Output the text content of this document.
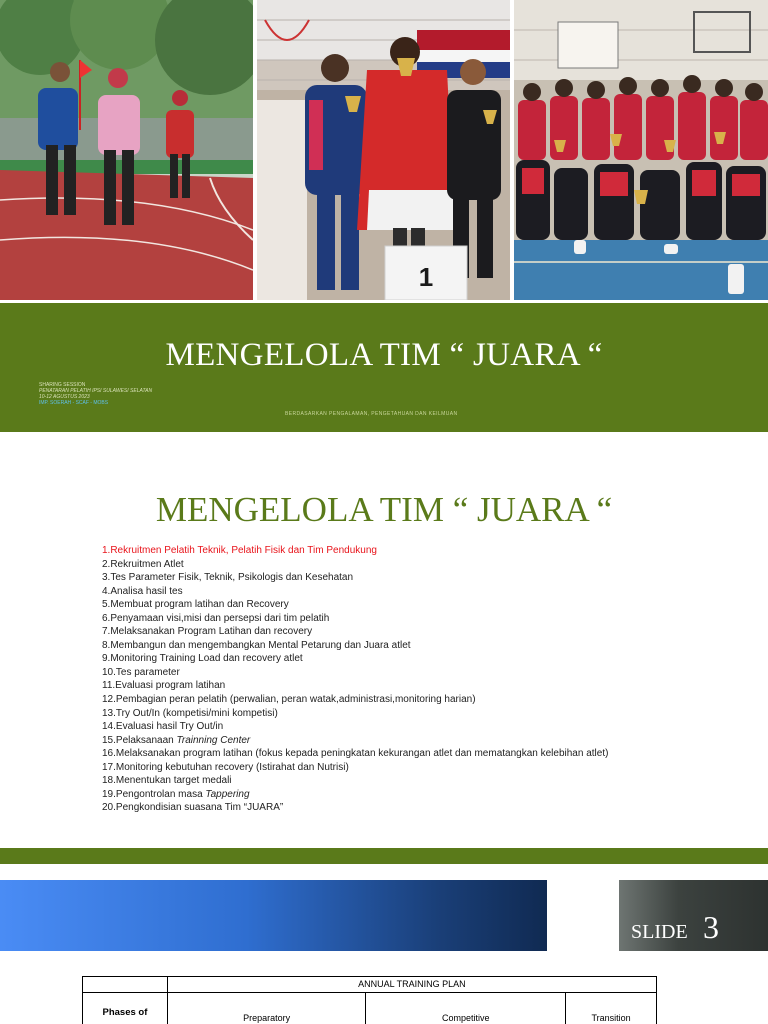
1
MENGELOLA TIM “ JUARA “
SHARING SESSION
PENATARAN PELATIH IPSI SULAWESI SELATAN
10-12 AGUSTUS 2023
IMP. SOERAH - SCAF - MOBS
BERDASARKAN PENGALAMAN, PENGETAHUAN DAN KEILMUAN
MENGELOLA TIM “ JUARA “
1.Rekruitmen Pelatih Teknik, Pelatih Fisik dan Tim Pendukung
2.Rekruitmen Atlet
3.Tes Parameter Fisik, Teknik, Psikologis dan Kesehatan
4.Analisa hasil tes
5.Membuat program latihan dan Recovery
6.Penyamaan visi,misi dan persepsi dari tim pelatih
7.Melaksanakan Program Latihan dan recovery
8.Membangun dan mengembangkan Mental Petarung dan Juara atlet
9.Monitoring Training Load dan recovery atlet
10.Tes parameter
11.Evaluasi program latihan
12.Pembagian peran pelatih (perwalian, peran watak,administrasi,monitoring harian)
13.Try Out/In (kompetisi/mini kompetisi)
14.Evaluasi hasil Try Out/in
15.Pelaksanaan Trainning Center
16.Melaksanakan program latihan (fokus kepada peningkatan kekurangan atlet dan mematangkan kelebihan atlet)
17.Monitoring kebutuhan recovery (Istirahat dan Nutrisi)
18.Menentukan target medali
19.Pengontrolan masa Tappering
20.Pengkondisian suasana Tim “JUARA”
SLIDE 3
	ANNUAL TRAINING PLAN		
Phases of	Preparatory	Competitive	Transition
